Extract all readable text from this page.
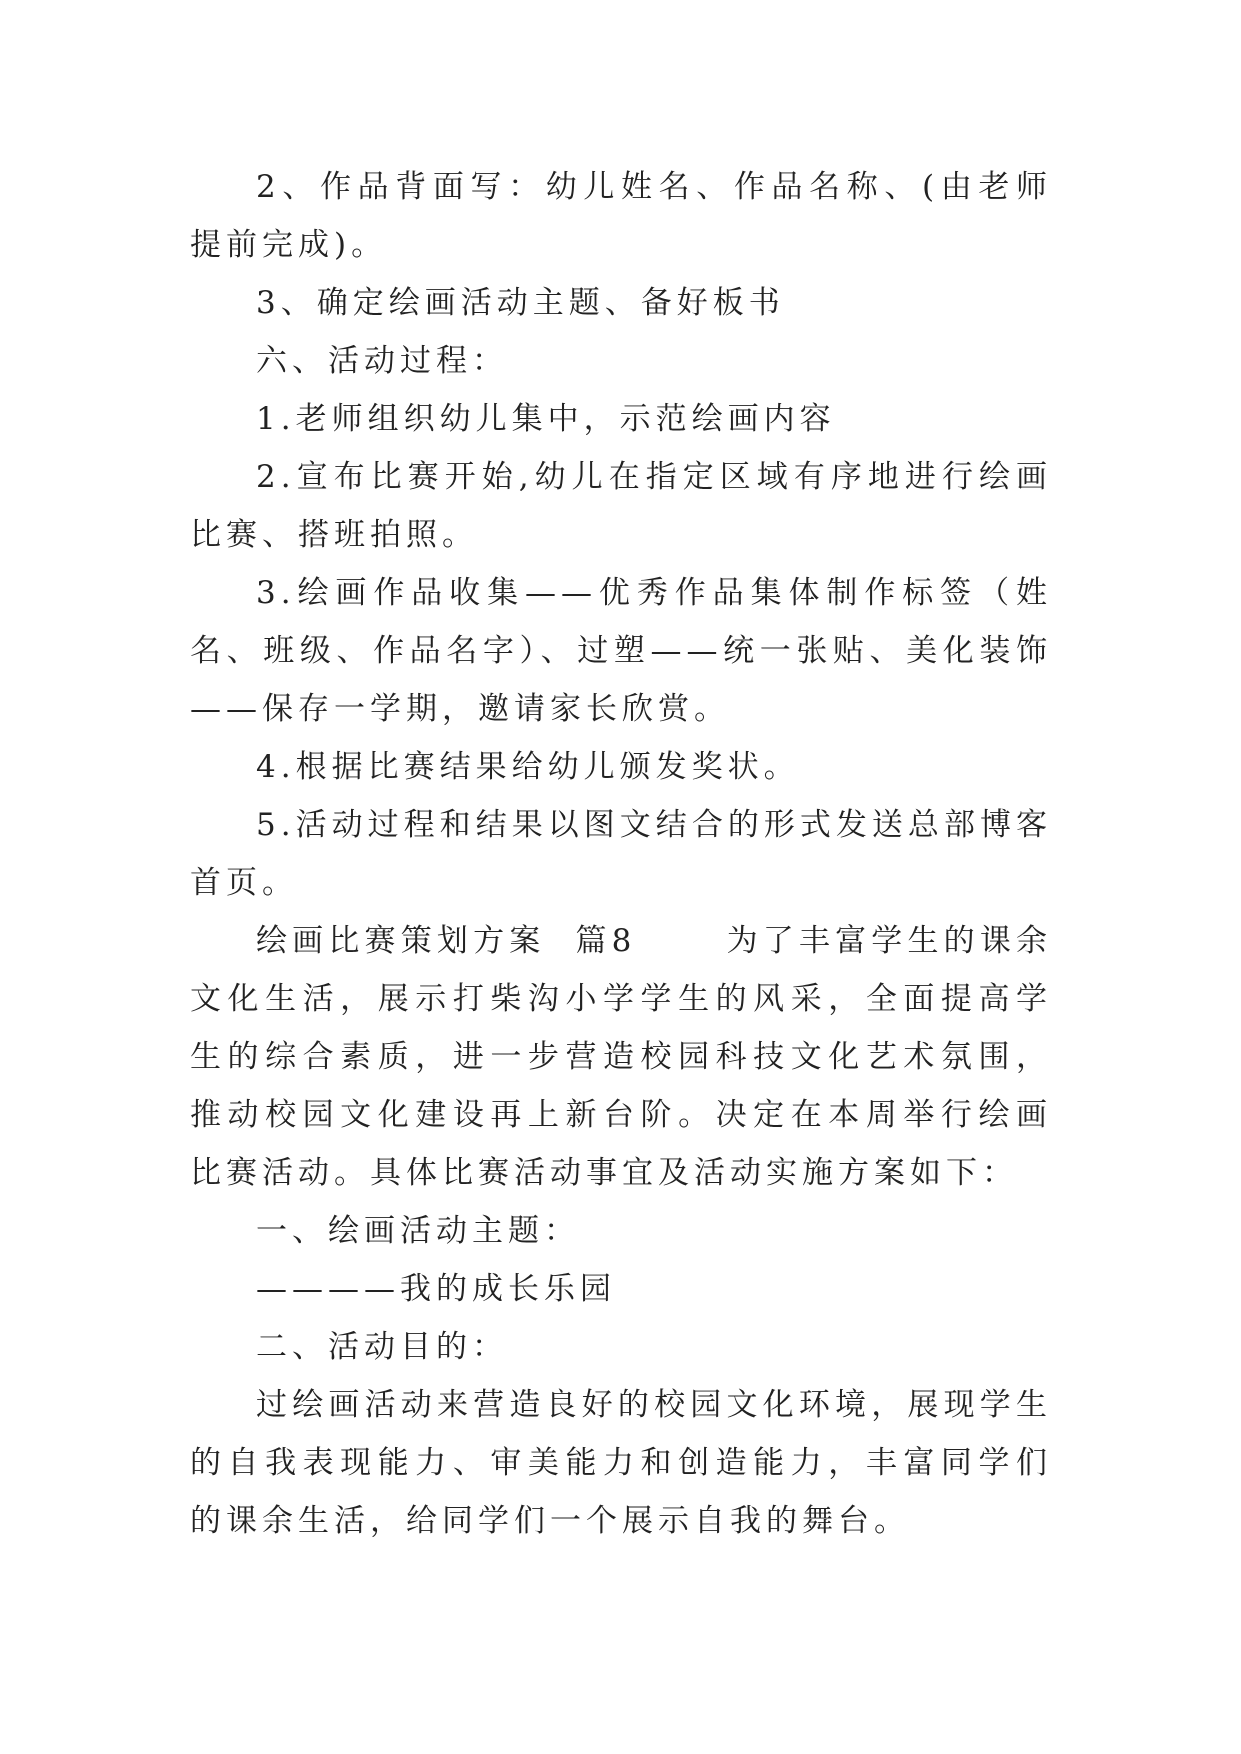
2、作品背面写：幼儿姓名、作品名称、(由老师提前完成)。

3、确定绘画活动主题、备好板书

六、活动过程：

1.老师组织幼儿集中，示范绘画内容

2.宣布比赛开始,幼儿在指定区域有序地进行绘画比赛、搭班拍照。

3.绘画作品收集——优秀作品集体制作标签（姓名、班级、作品名字）、过塑——统一张贴、美化装饰——保存一学期，邀请家长欣赏。

4.根据比赛结果给幼儿颁发奖状。

5.活动过程和结果以图文结合的形式发送总部博客首页。

绘画比赛策划方案  篇8      为了丰富学生的课余文化生活，展示打柴沟小学学生的风采，全面提高学生的综合素质，进一步营造校园科技文化艺术氛围，推动校园文化建设再上新台阶。决定在本周举行绘画比赛活动。具体比赛活动事宜及活动实施方案如下：

一、绘画活动主题：

————我的成长乐园

二、活动目的：

过绘画活动来营造良好的校园文化环境，展现学生的自我表现能力、审美能力和创造能力，丰富同学们的课余生活，给同学们一个展示自我的舞台。
